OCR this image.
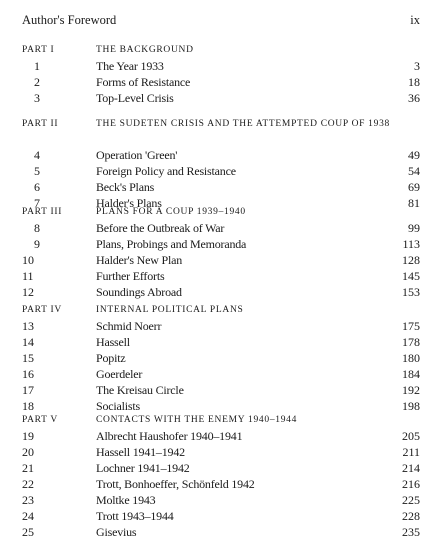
Author's Foreword	ix
PART I	THE BACKGROUND
1	The Year 1933	3
2	Forms of Resistance	18
3	Top-Level Crisis	36
PART II	THE SUDETEN CRISIS AND THE ATTEMPTED COUP OF 1938
4	Operation 'Green'	49
5	Foreign Policy and Resistance	54
6	Beck's Plans	69
7	Halder's Plans	81
PART III	PLANS FOR A COUP 1939–1940
8	Before the Outbreak of War	99
9	Plans, Probings and Memoranda	113
10	Halder's New Plan	128
11	Further Efforts	145
12	Soundings Abroad	153
PART IV	INTERNAL POLITICAL PLANS
13	Schmid Noerr	175
14	Hassell	178
15	Popitz	180
16	Goerdeler	184
17	The Kreisau Circle	192
18	Socialists	198
PART V	CONTACTS WITH THE ENEMY 1940–1944
19	Albrecht Haushofer 1940–1941	205
20	Hassell 1941–1942	211
21	Lochner 1941–1942	214
22	Trott, Bonhoeffer, Schönfeld 1942	216
23	Moltke 1943	225
24	Trott 1943–1944	228
25	Gisevius	235
